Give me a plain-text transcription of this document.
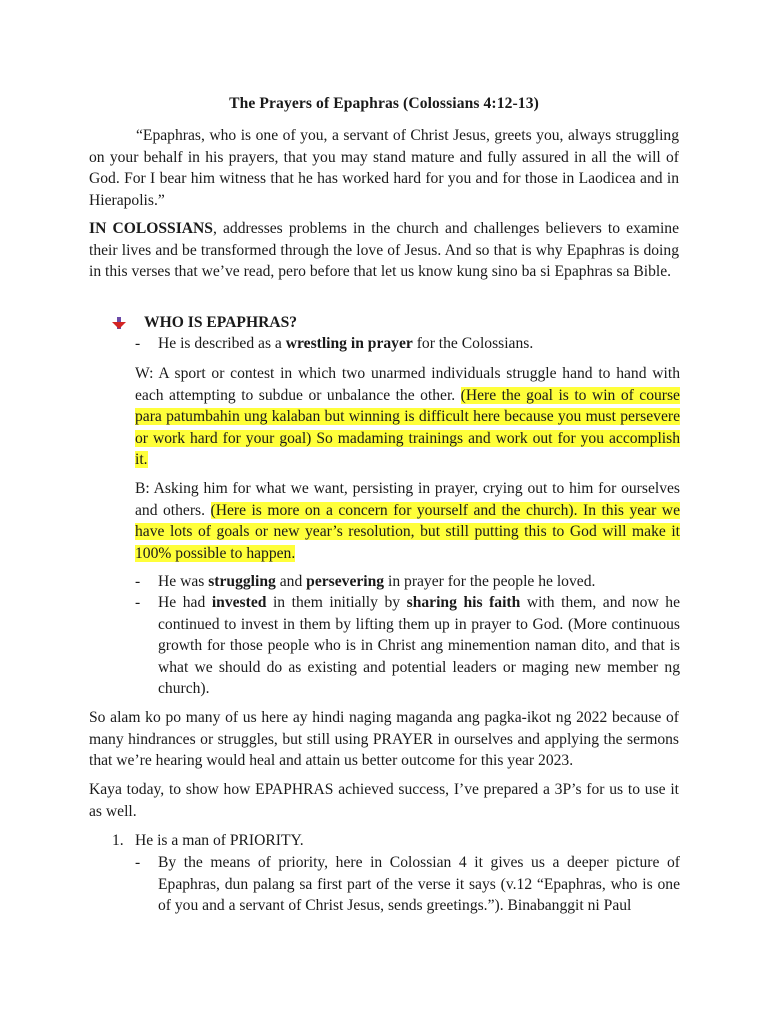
The Prayers of Epaphras (Colossians 4:12-13)
“Epaphras, who is one of you, a servant of Christ Jesus, greets you, always struggling on your behalf in his prayers, that you may stand mature and fully assured in all the will of God. For I bear him witness that he has worked hard for you and for those in Laodicea and in Hierapolis.”
IN COLOSSIANS, addresses problems in the church and challenges believers to examine their lives and be transformed through the love of Jesus. And so that is why Epaphras is doing in this verses that we’ve read, pero before that let us know kung sino ba si Epaphras sa Bible.
WHO IS EPAPHRAS?
- He is described as a wrestling in prayer for the Colossians.
W: A sport or contest in which two unarmed individuals struggle hand to hand with each attempting to subdue or unbalance the other. (Here the goal is to win of course para patumbahin ung kalaban but winning is difficult here because you must persevere or work hard for your goal) So madaming trainings and work out for you accomplish it.
B: Asking him for what we want, persisting in prayer, crying out to him for ourselves and others. (Here is more on a concern for yourself and the church). In this year we have lots of goals or new year’s resolution, but still putting this to God will make it 100% possible to happen.
- He was struggling and persevering in prayer for the people he loved.
- He had invested in them initially by sharing his faith with them, and now he continued to invest in them by lifting them up in prayer to God. (More continuous growth for those people who is in Christ ang minemention naman dito, and that is what we should do as existing and potential leaders or maging new member ng church).
So alam ko po many of us here ay hindi naging maganda ang pagka-ikot ng 2022 because of many hindrances or struggles, but still using PRAYER in ourselves and applying the sermons that we’re hearing would heal and attain us better outcome for this year 2023.
Kaya today, to show how EPAPHRAS achieved success, I’ve prepared a 3P’s for us to use it as well.
1. He is a man of PRIORITY.
- By the means of priority, here in Colossian 4 it gives us a deeper picture of Epaphras, dun palang sa first part of the verse it says (v.12 “Epaphras, who is one of you and a servant of Christ Jesus, sends greetings.”). Binabanggit ni Paul
